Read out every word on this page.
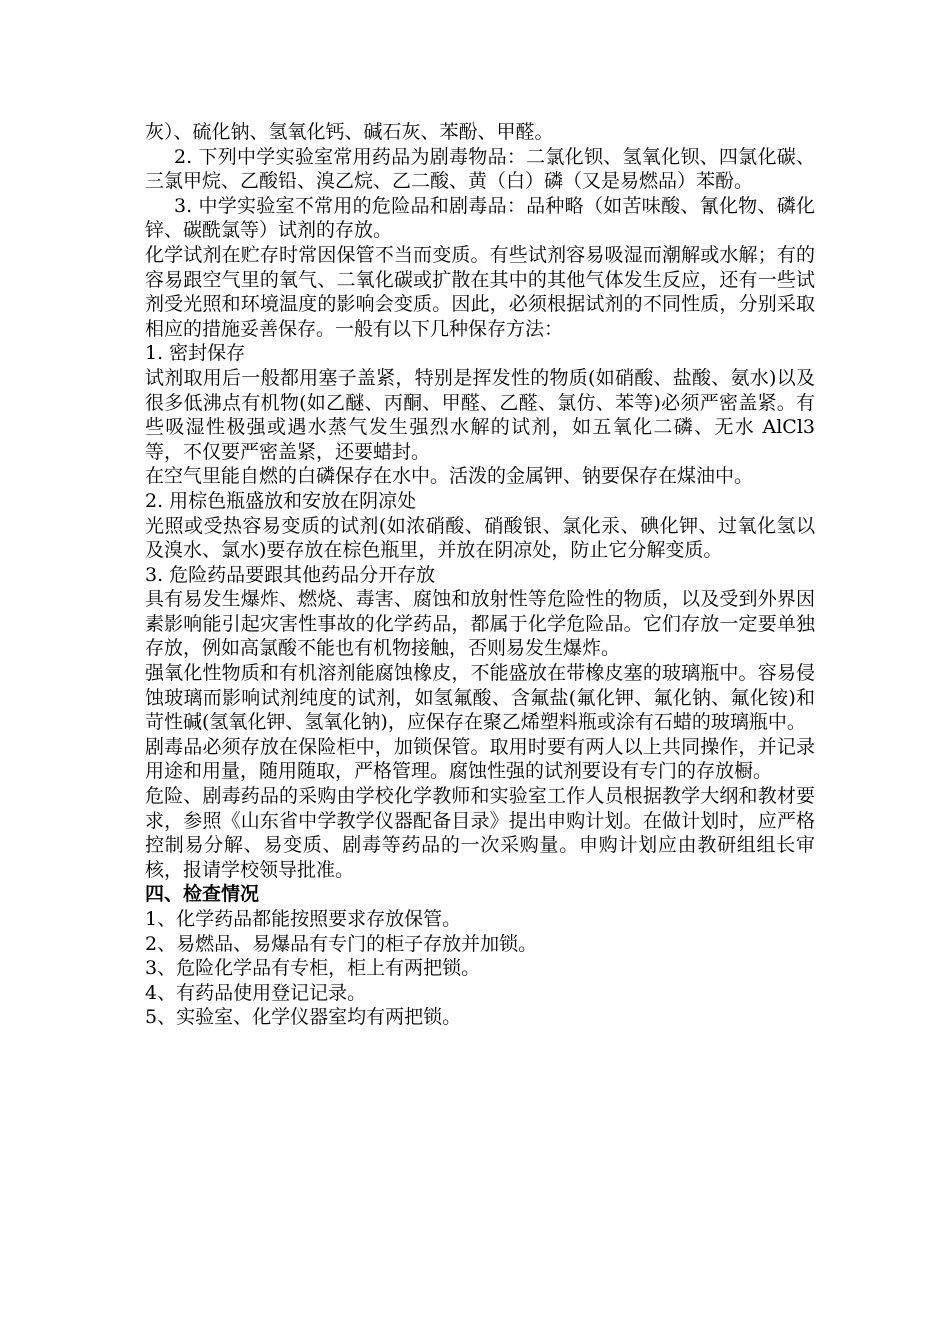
灰）、硫化钠、氢氧化钙、碱石灰、苯酚、甲醛。

2. 下列中学实验室常用药品为剧毒物品：二氯化钡、氢氧化钡、四氯化碳、三氯甲烷、乙酸铅、溴乙烷、乙二酸、黄（白）磷（又是易燃品）苯酚。

3. 中学实验室不常用的危险品和剧毒品：品种略（如苦味酸、氰化物、磷化锌、碳酰氯等）试剂的存放。

化学试剂在贮存时常因保管不当而变质。有些试剂容易吸湿而潮解或水解；有的容易跟空气里的氧气、二氧化碳或扩散在其中的其他气体发生反应，还有一些试剂受光照和环境温度的影响会变质。因此，必须根据试剂的不同性质，分别采取相应的措施妥善保存。一般有以下几种保存方法：

1. 密封保存

试剂取用后一般都用塞子盖紧，特别是挥发性的物质(如硝酸、盐酸、氨水)以及很多低沸点有机物(如乙醚、丙酮、甲醛、乙醛、氯仿、苯等)必须严密盖紧。有些吸湿性极强或遇水蒸气发生强烈水解的试剂，如五氧化二磷、无水 AlCl3 等，不仅要严密盖紧，还要蜡封。

在空气里能自燃的白磷保存在水中。活泼的金属钾、钠要保存在煤油中。

2. 用棕色瓶盛放和安放在阴凉处

光照或受热容易变质的试剂(如浓硝酸、硝酸银、氯化汞、碘化钾、过氧化氢以及溴水、氯水)要存放在棕色瓶里，并放在阴凉处，防止它分解变质。

3. 危险药品要跟其他药品分开存放

具有易发生爆炸、燃烧、毒害、腐蚀和放射性等危险性的物质，以及受到外界因素影响能引起灾害性事故的化学药品，都属于化学危险品。它们存放一定要单独存放，例如高氯酸不能也有机物接触，否则易发生爆炸。

强氧化性物质和有机溶剂能腐蚀橡皮，不能盛放在带橡皮塞的玻璃瓶中。容易侵蚀玻璃而影响试剂纯度的试剂，如氢氟酸、含氟盐(氟化钾、氟化钠、氟化铵)和苛性碱(氢氧化钾、氢氧化钠)，应保存在聚乙烯塑料瓶或涂有石蜡的玻璃瓶中。

剧毒品必须存放在保险柜中，加锁保管。取用时要有两人以上共同操作，并记录用途和用量，随用随取，严格管理。腐蚀性强的试剂要设有专门的存放橱。

危险、剧毒药品的采购由学校化学教师和实验室工作人员根据教学大纲和教材要求，参照《山东省中学教学仪器配备目录》提出申购计划。在做计划时，应严格控制易分解、易变质、剧毒等药品的一次采购量。申购计划应由教研组组长审核，报请学校领导批准。

四、检查情况

1、化学药品都能按照要求存放保管。

2、易燃品、易爆品有专门的柜子存放并加锁。

3、危险化学品有专柜，柜上有两把锁。

4、有药品使用登记记录。

5、实验室、化学仪器室均有两把锁。
